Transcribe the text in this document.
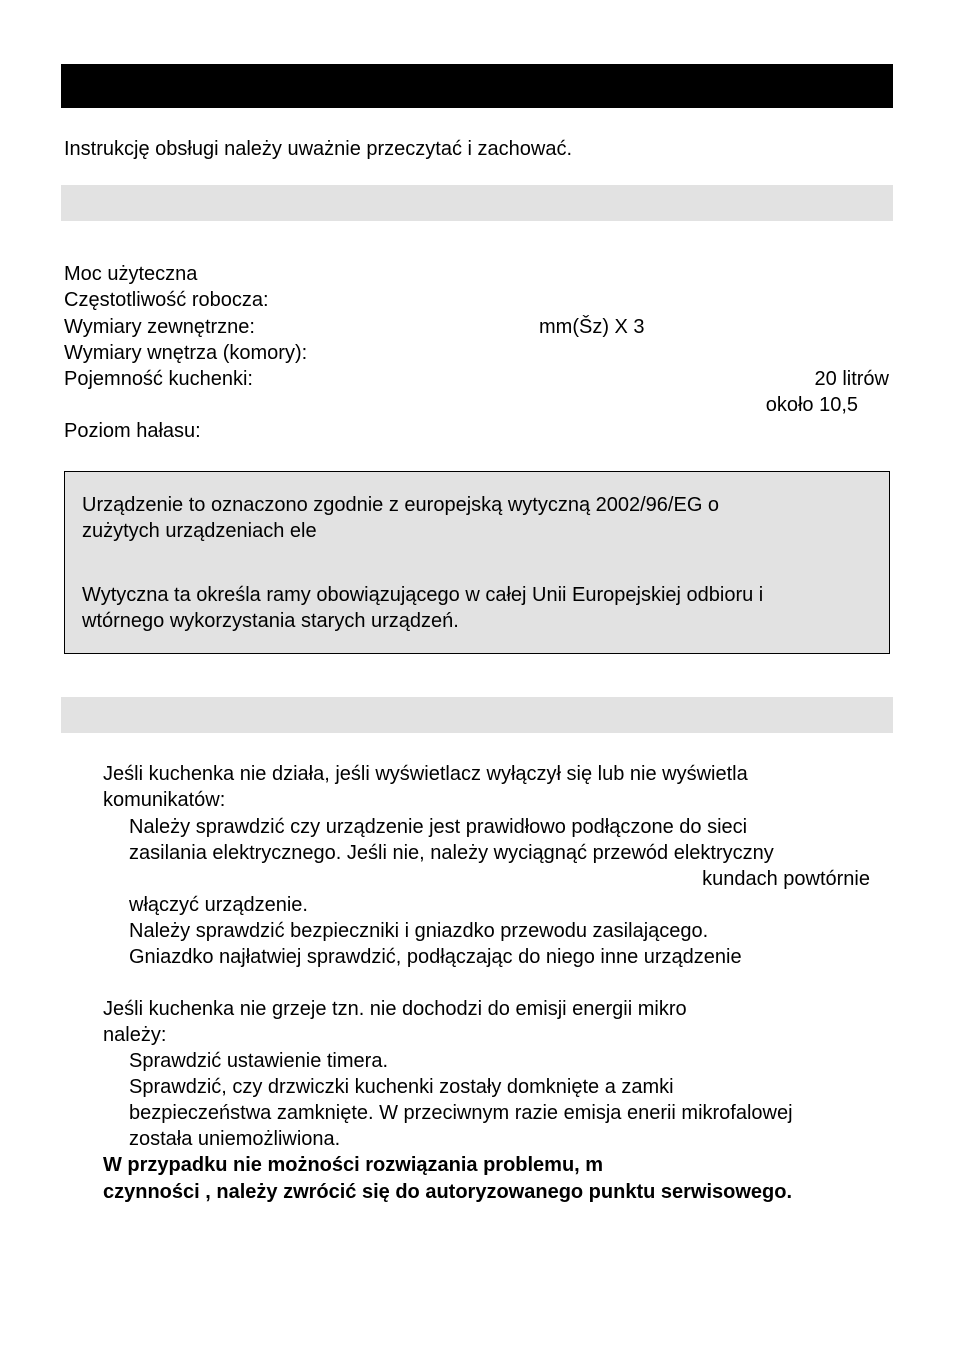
Instrukcję obsługi należy uważnie przeczytać i zachować.
Moc użyteczna
Częstotliwość robocza:
Wymiary zewnętrzne:	mm(Šz) X 3
Wymiary wnętrza (komory):
Pojemność kuchenki:	20 litrów
około 10,5
Poziom hałasu:
Urządzenie to oznaczono zgodnie z europejską wytyczną 2002/96/EG o
zużytych urządzeniach ele
Wytyczna ta określa ramy obowiązującego w całej Unii Europejskiej odbioru i
wtórnego wykorzystania starych urządzeń.
Jeśli kuchenka nie działa, jeśli wyświetlacz wyłączył się lub nie wyświetla
komunikatów:
Należy sprawdzić czy urządzenie jest prawidłowo podłączone do sieci
zasilania elektrycznego. Jeśli nie, należy wyciągnąć przewód elektryczny
kundach powtórnie
włączyć urządzenie.
Należy sprawdzić bezpieczniki i gniazdko przewodu zasilającego.
Gniazdko najłatwiej sprawdzić, podłączając do niego inne urządzenie
Jeśli kuchenka nie grzeje tzn. nie dochodzi do emisji energii mikro
należy:
Sprawdzić ustawienie timera.
Sprawdzić, czy drzwiczki kuchenki zostały domknięte a zamki
bezpieczeństwa zamknięte. W przeciwnym razie emisja enerii mikrofalowej
została uniemożliwiona.
W przypadku nie możności rozwiązania problemu, m
czynności , należy zwrócić się do autoryzowanego punktu serwisowego.
